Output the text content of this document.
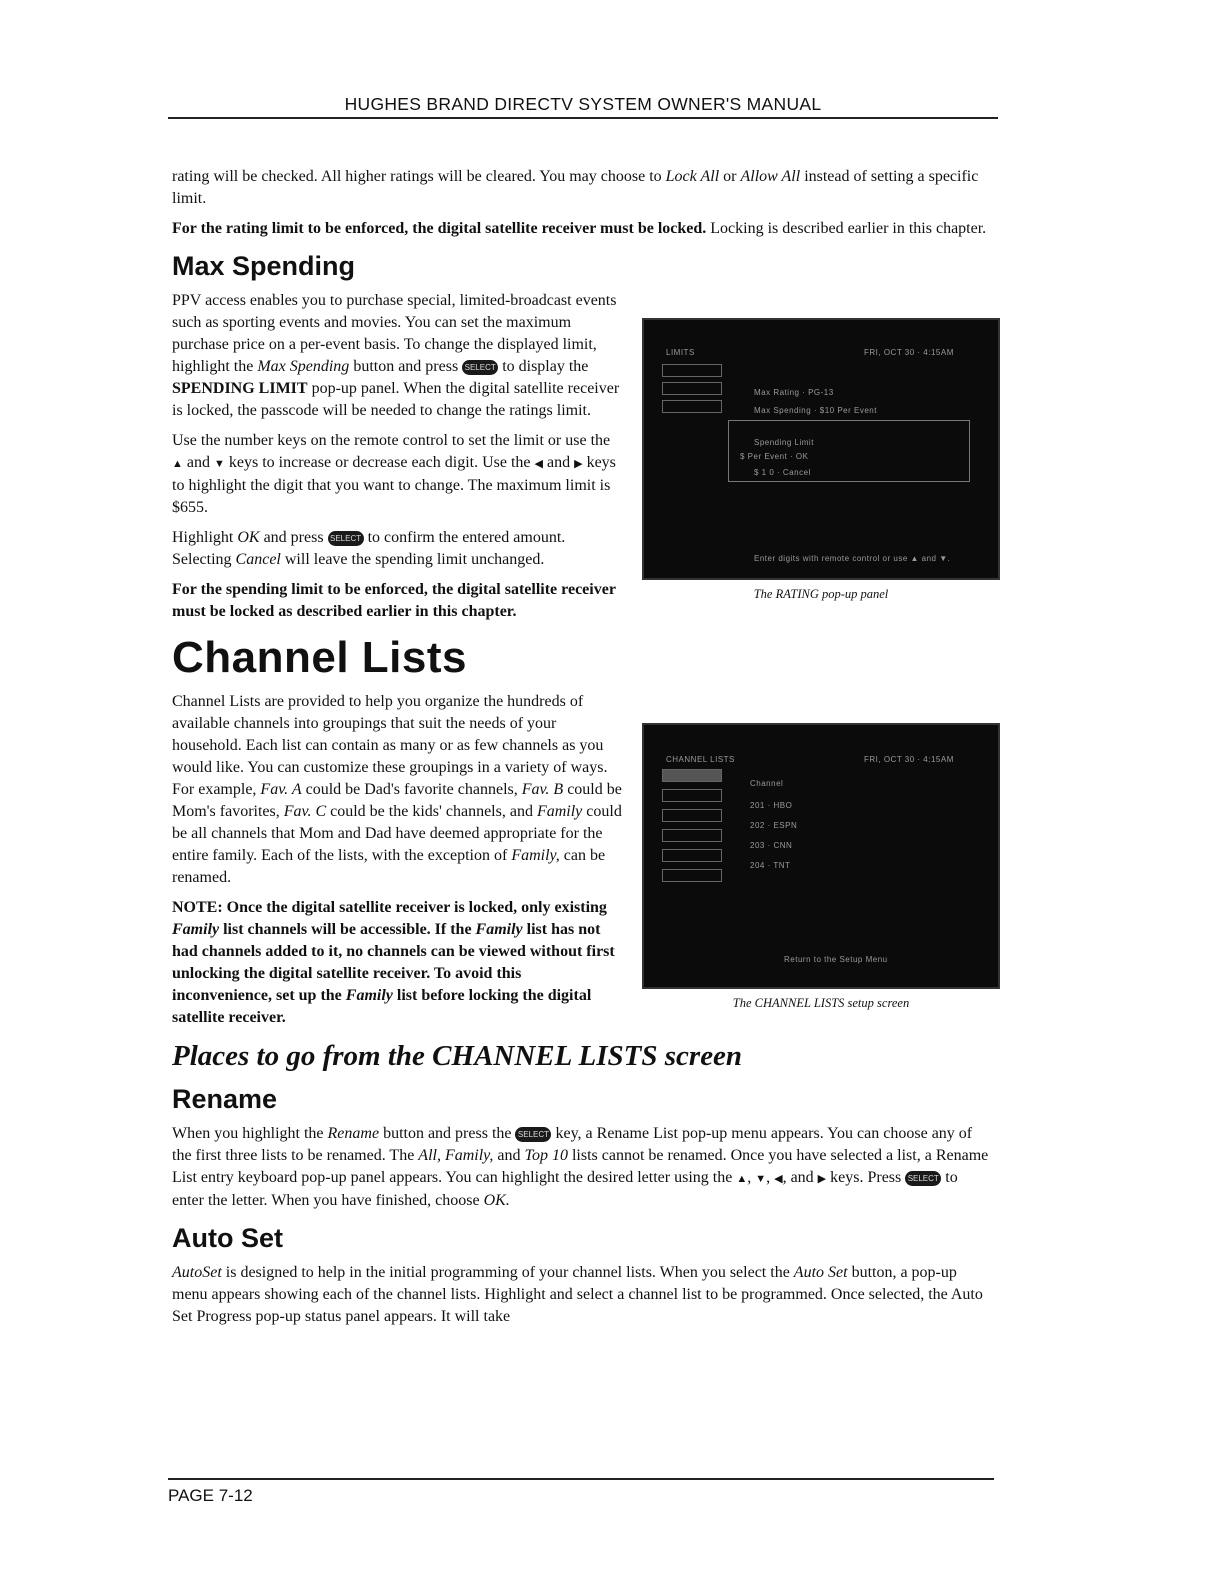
HUGHES BRAND DIRECTV SYSTEM OWNER'S MANUAL

rating will be checked. All higher ratings will be cleared. You may choose to Lock All or Allow All instead of setting a specific limit.

For the rating limit to be enforced, the digital satellite receiver must be locked. Locking is described earlier in this chapter.

Max Spending
LIMITS	FRI, OCT 30 · 4:15AM
Max Rating · PG-13
Max Spending · $10 Per Event
Spending Limit
$ Per Event · OK
$ 1 0 · Cancel
Enter digits with remote control or use ▲ and ▼.
The RATING pop-up panel

PPV access enables you to purchase special, limited-broadcast events such as sporting events and movies. You can set the maximum purchase price on a per-event basis. To change the displayed limit, highlight the Max Spending button and press SELECT to display the SPENDING LIMIT pop-up panel. When the digital satellite receiver is locked, the passcode will be needed to change the ratings limit.

Use the number keys on the remote control to set the limit or use the ▲ and ▼ keys to increase or decrease each digit. Use the ◀ and ▶ keys to highlight the digit that you want to change. The maximum limit is $655.

Highlight OK and press SELECT to confirm the entered amount. Selecting Cancel will leave the spending limit unchanged.

For the spending limit to be enforced, the digital satellite receiver must be locked as described earlier in this chapter.

Channel Lists
CHANNEL LISTS	FRI, OCT 30 · 4:15AM
Channel
201 · HBO
202 · ESPN
203 · CNN
204 · TNT
Return to the Setup Menu
The CHANNEL LISTS setup screen

Channel Lists are provided to help you organize the hundreds of available channels into groupings that suit the needs of your household. Each list can contain as many or as few channels as you would like. You can customize these groupings in a variety of ways. For example, Fav. A could be Dad's favorite channels, Fav. B could be Mom's favorites, Fav. C could be the kids' channels, and Family could be all channels that Mom and Dad have deemed appropriate for the entire family. Each of the lists, with the exception of Family, can be renamed.

NOTE: Once the digital satellite receiver is locked, only existing Family list channels will be accessible. If the Family list has not had channels added to it, no channels can be viewed without first unlocking the digital satellite receiver. To avoid this inconvenience, set up the Family list before locking the digital satellite receiver.

Places to go from the CHANNEL LISTS screen
Rename

When you highlight the Rename button and press the SELECT key, a Rename List pop-up menu appears. You can choose any of the first three lists to be renamed. The All, Family, and Top 10 lists cannot be renamed. Once you have selected a list, a Rename List entry keyboard pop-up panel appears. You can highlight the desired letter using the ▲, ▼, ◀, and ▶ keys. Press SELECT to enter the letter. When you have finished, choose OK.

Auto Set

AutoSet is designed to help in the initial programming of your channel lists. When you select the Auto Set button, a pop-up menu appears showing each of the channel lists. Highlight and select a channel list to be programmed. Once selected, the Auto Set Progress pop-up status panel appears. It will take

PAGE 7-12
